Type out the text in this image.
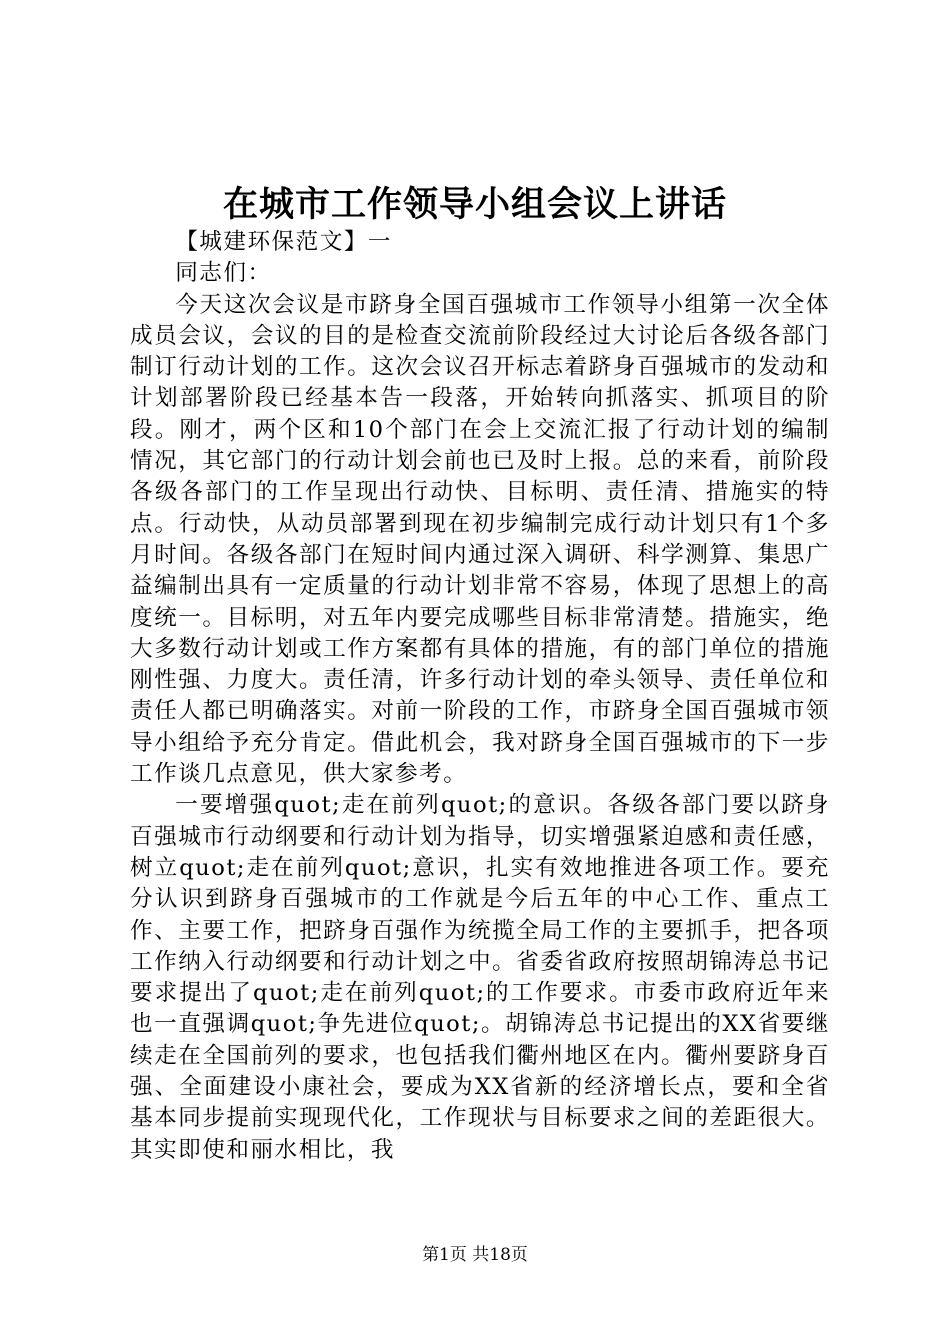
在城市工作领导小组会议上讲话

【城建环保范文】一

同志们：

今天这次会议是市跻身全国百强城市工作领导小组第一次全体成员会议，会议的目的是检查交流前阶段经过大讨论后各级各部门制订行动计划的工作。这次会议召开标志着跻身百强城市的发动和计划部署阶段已经基本告一段落，开始转向抓落实、抓项目的阶段。刚才，两个区和10个部门在会上交流汇报了行动计划的编制情况，其它部门的行动计划会前也已及时上报。总的来看，前阶段各级各部门的工作呈现出行动快、目标明、责任清、措施实的特点。行动快，从动员部署到现在初步编制完成行动计划只有1个多月时间。各级各部门在短时间内通过深入调研、科学测算、集思广益编制出具有一定质量的行动计划非常不容易，体现了思想上的高度统一。目标明，对五年内要完成哪些目标非常清楚。措施实，绝大多数行动计划或工作方案都有具体的措施，有的部门单位的措施刚性强、力度大。责任清，许多行动计划的牵头领导、责任单位和责任人都已明确落实。对前一阶段的工作，市跻身全国百强城市领导小组给予充分肯定。借此机会，我对跻身全国百强城市的下一步工作谈几点意见，供大家参考。

一要增强quot;走在前列quot;的意识。各级各部门要以跻身百强城市行动纲要和行动计划为指导，切实增强紧迫感和责任感，树立quot;走在前列quot;意识，扎实有效地推进各项工作。要充分认识到跻身百强城市的工作就是今后五年的中心工作、重点工作、主要工作，把跻身百强作为统揽全局工作的主要抓手，把各项工作纳入行动纲要和行动计划之中。省委省政府按照胡锦涛总书记要求提出了quot;走在前列quot;的工作要求。市委市政府近年来也一直强调quot;争先进位quot;。胡锦涛总书记提出的XX省要继续走在全国前列的要求，也包括我们衢州地区在内。衢州要跻身百强、全面建设小康社会，要成为XX省新的经济增长点，要和全省基本同步提前实现现代化，工作现状与目标要求之间的差距很大。其实即使和丽水相比，我

第1页 共18页
